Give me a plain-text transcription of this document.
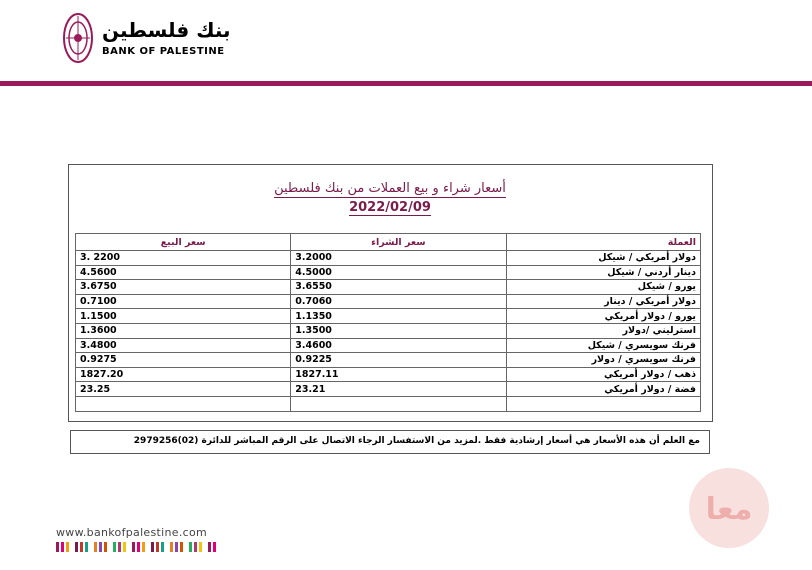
بنك فلسطين
BANK OF PALESTINE
أسعار شراء و بيع العملات من بنك فلسطين
2022/02/09
سعر البيع	سعر الشراء	العملة
3. 2200	3.2000	دولار أمريكي / شيكل
4.5600	4.5000	دينار أردني / شيكل
3.6750	3.6550	يورو / شيكل
0.7100	0.7060	دولار أمريكي / دينار
1.1500	1.1350	يورو / دولار أمريكي
1.3600	1.3500	استرليني /دولار
3.4800	3.4600	فرنك سويسري / شيكل
0.9275	0.9225	فرنك سويسري / دولار
1827.20	1827.11	ذهب / دولار أمريكي
23.25	23.21	فضة / دولار أمريكي

مع العلم أن هذه الأسعار هي أسعار إرشادية فقط .لمزيد من الاستفسار الرجاء الاتصال على الرقم المباشر للدائرة (02)2979256
www.bankofpalestine.com
معا
